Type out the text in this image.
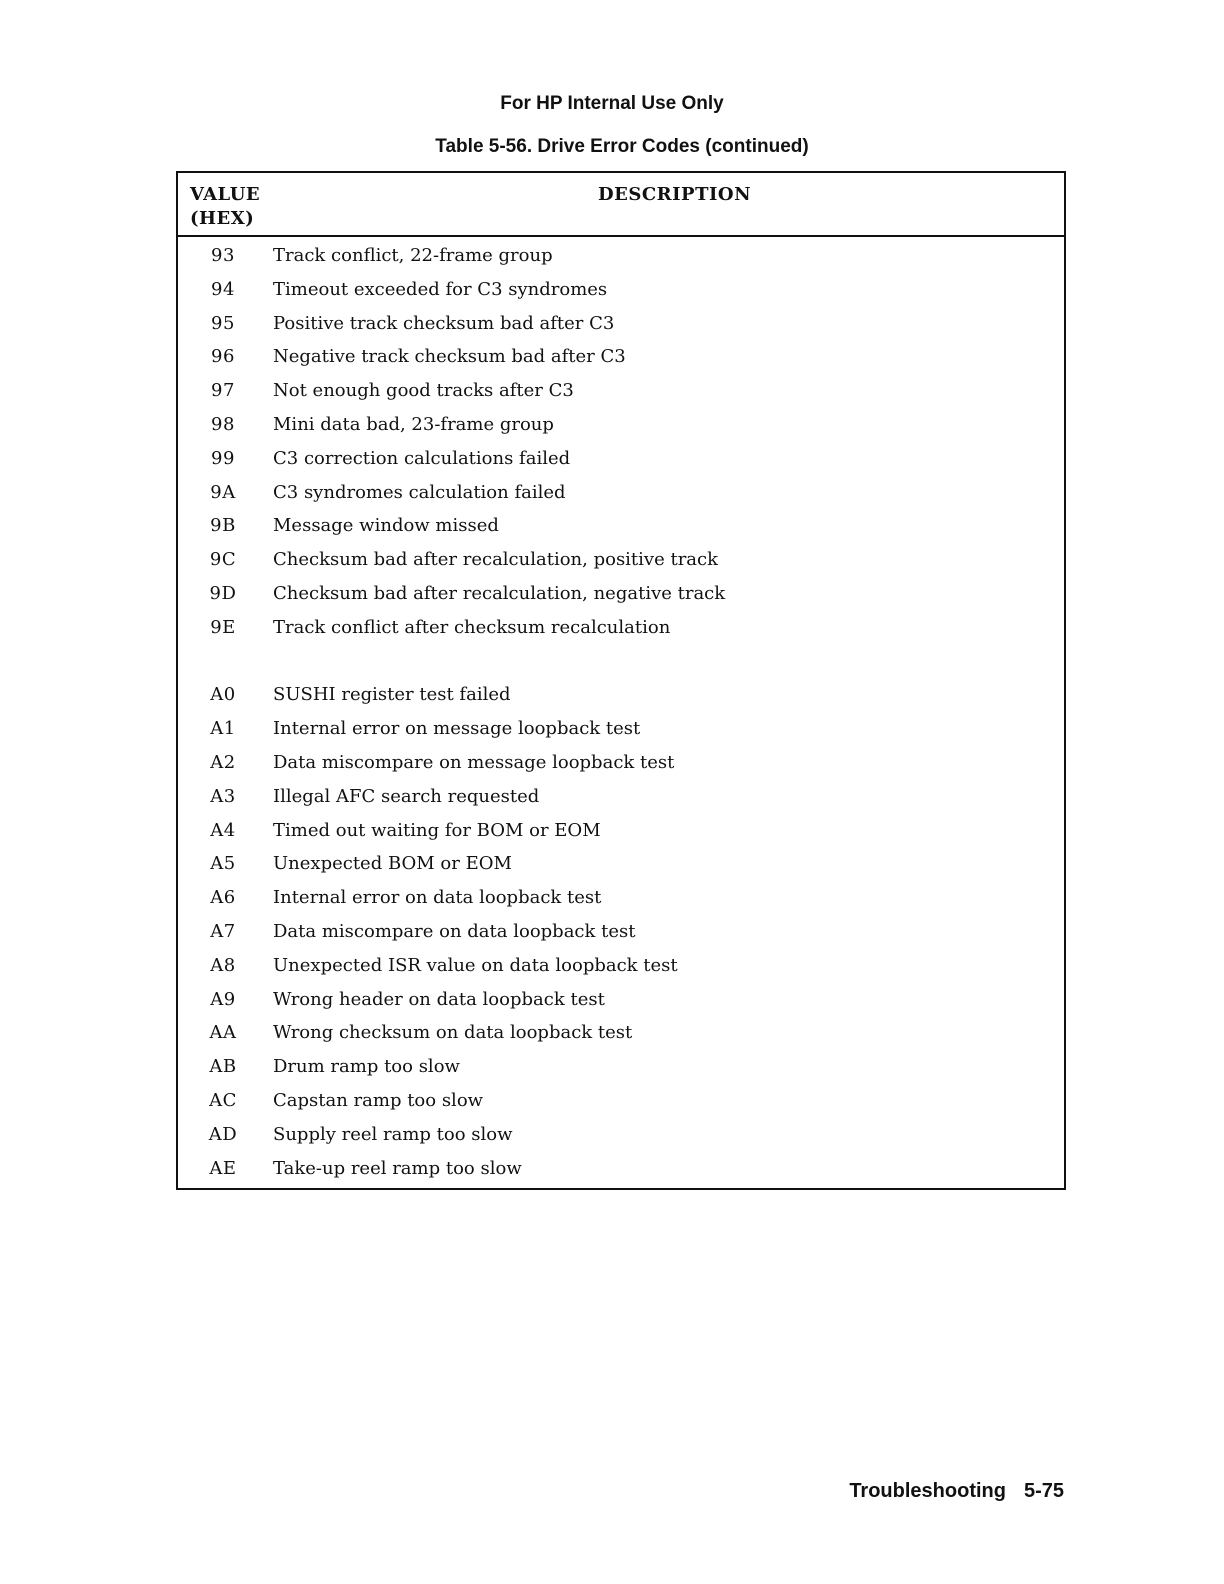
For HP Internal Use Only
Table 5-56. Drive Error Codes (continued)
VALUE
(HEX)
DESCRIPTION
93	Track conflict, 22-frame group
94	Timeout exceeded for C3 syndromes
95	Positive track checksum bad after C3
96	Negative track checksum bad after C3
97	Not enough good tracks after C3
98	Mini data bad, 23-frame group
99	C3 correction calculations failed
9A	C3 syndromes calculation failed
9B	Message window missed
9C	Checksum bad after recalculation, positive track
9D	Checksum bad after recalculation, negative track
9E	Track conflict after checksum recalculation
A0	SUSHI register test failed
A1	Internal error on message loopback test
A2	Data miscompare on message loopback test
A3	Illegal AFC search requested
A4	Timed out waiting for BOM or EOM
A5	Unexpected BOM or EOM
A6	Internal error on data loopback test
A7	Data miscompare on data loopback test
A8	Unexpected ISR value on data loopback test
A9	Wrong header on data loopback test
AA	Wrong checksum on data loopback test
AB	Drum ramp too slow
AC	Capstan ramp too slow
AD	Supply reel ramp too slow
AE	Take-up reel ramp too slow
Troubleshooting 5-75
